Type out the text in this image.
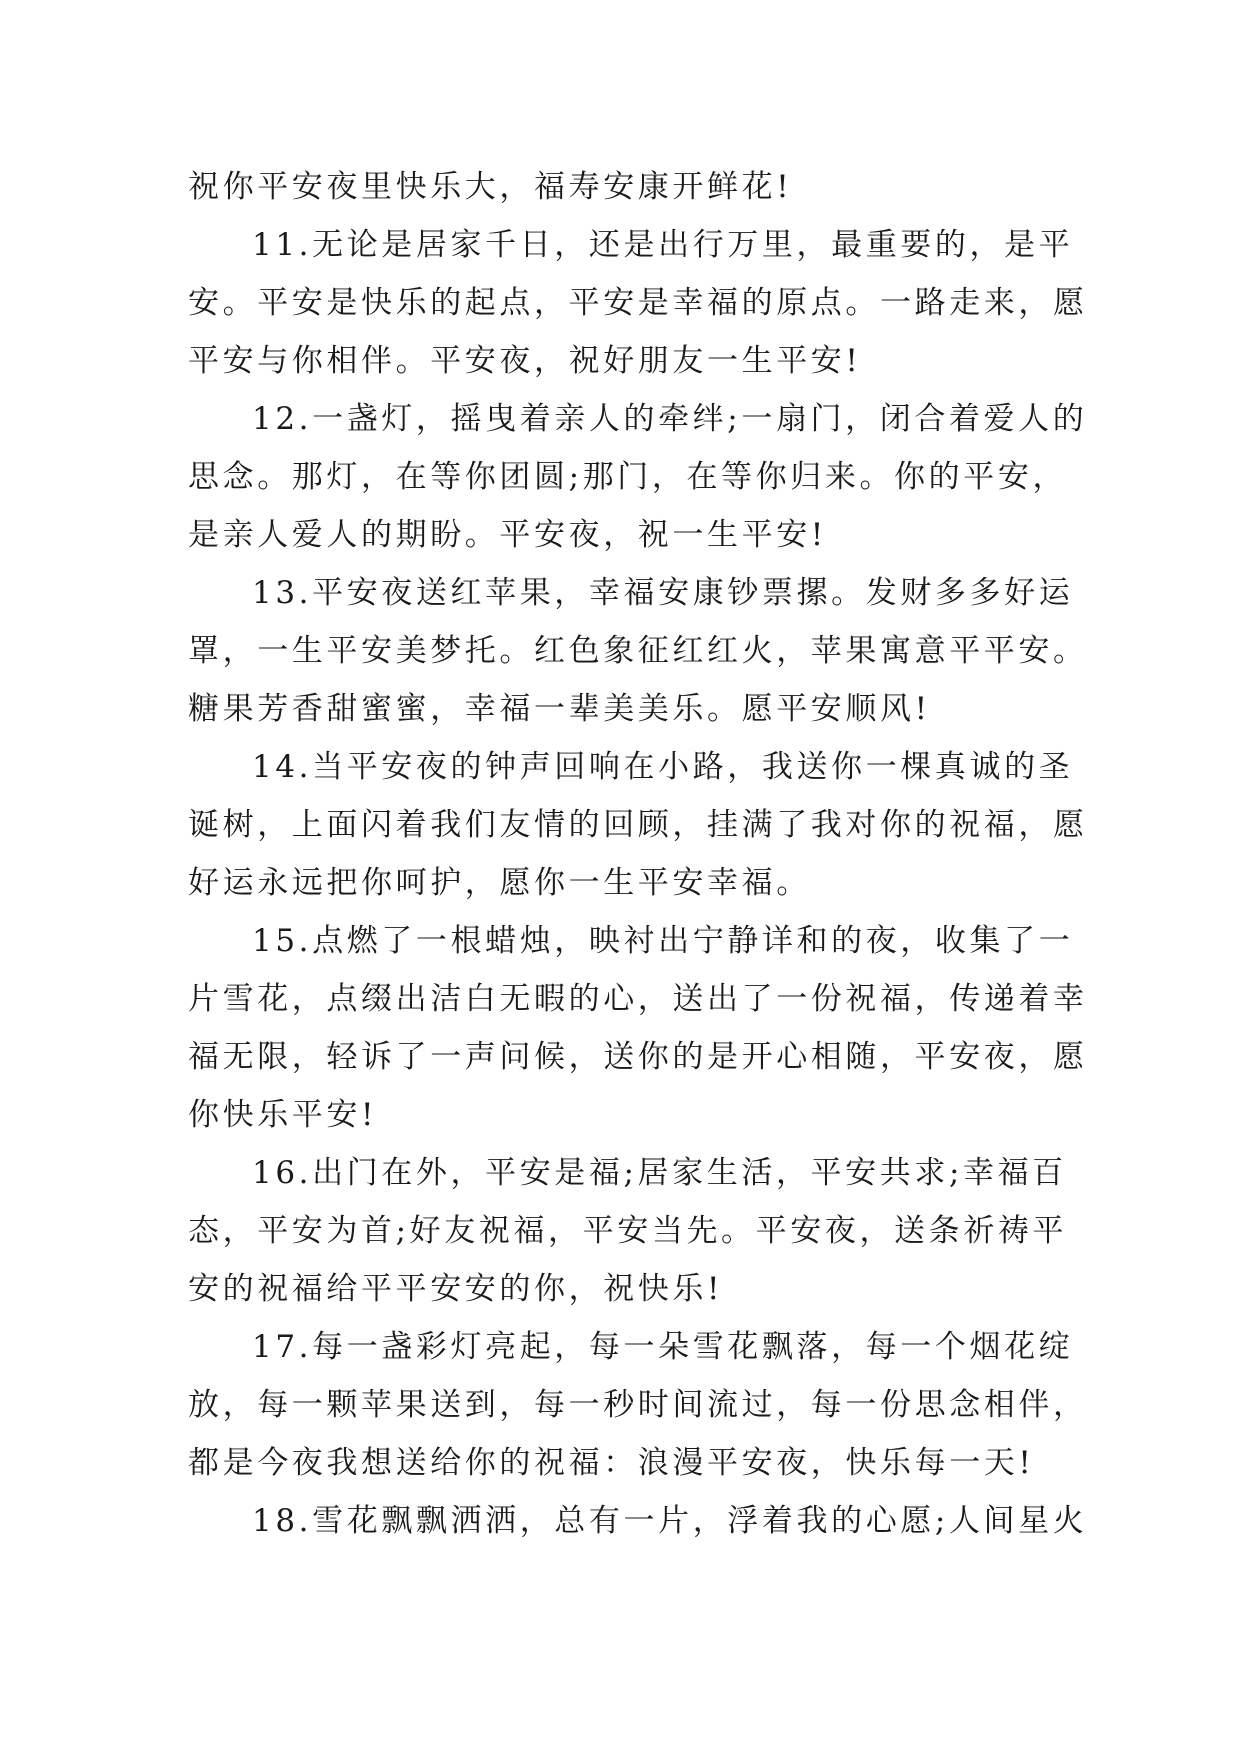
祝你平安夜里快乐大，福寿安康开鲜花!
11.无论是居家千日，还是出行万里，最重要的，是平
安。平安是快乐的起点，平安是幸福的原点。一路走来，愿
平安与你相伴。平安夜，祝好朋友一生平安!
12.一盏灯，摇曳着亲人的牵绊;一扇门，闭合着爱人的
思念。那灯，在等你团圆;那门，在等你归来。你的平安，
是亲人爱人的期盼。平安夜，祝一生平安!
13.平安夜送红苹果，幸福安康钞票摞。发财多多好运
罩，一生平安美梦托。红色象征红红火，苹果寓意平平安。
糖果芳香甜蜜蜜，幸福一辈美美乐。愿平安顺风!
14.当平安夜的钟声回响在小路，我送你一棵真诚的圣
诞树，上面闪着我们友情的回顾，挂满了我对你的祝福，愿
好运永远把你呵护，愿你一生平安幸福。
15.点燃了一根蜡烛，映衬出宁静详和的夜，收集了一
片雪花，点缀出洁白无暇的心，送出了一份祝福，传递着幸
福无限，轻诉了一声问候，送你的是开心相随，平安夜，愿
你快乐平安!
16.出门在外，平安是福;居家生活，平安共求;幸福百
态，平安为首;好友祝福，平安当先。平安夜，送条祈祷平
安的祝福给平平安安的你，祝快乐!
17.每一盏彩灯亮起，每一朵雪花飘落，每一个烟花绽
放，每一颗苹果送到，每一秒时间流过，每一份思念相伴，
都是今夜我想送给你的祝福：浪漫平安夜，快乐每一天!
18.雪花飘飘洒洒，总有一片，浮着我的心愿;人间星火
